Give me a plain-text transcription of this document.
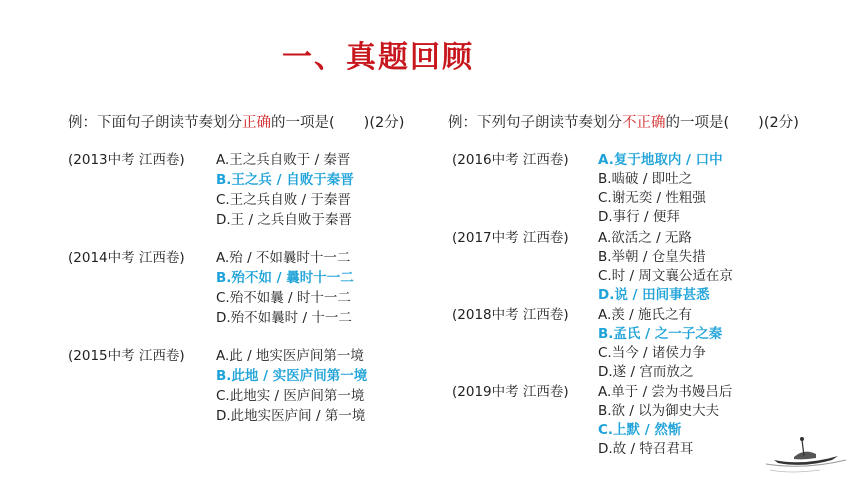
一、真题回顾
例：下面句子朗读节奏划分正确的一项是(　　)(2分)	例：下列句子朗读节奏划分不正确的一项是(　　)(2分)
(2013中考 江西卷) A.王之兵自败于 / 秦晋
B.王之兵 / 自败于秦晋
C.王之兵自败 / 于秦晋
D.王 / 之兵自败于秦晋
(2014中考 江西卷) A.殆 / 不如曩时十一二
B.殆不如 / 曩时十一二
C.殆不如曩 / 时十一二
D.殆不如曩时 / 十一二
(2015中考 江西卷) A.此 / 地实医庐间第一境
B.此地 / 实医庐间第一境
C.此地实 / 医庐间第一境
D.此地实医庐间 / 第一境
(2016中考 江西卷) A.复于地取内 / 口中
B.啮破 / 即吐之
C.谢无奕 / 性粗强
D.事行 / 便拜
(2017中考 江西卷) A.欲活之 / 无路
B.举朝 / 仓皇失措
C.时 / 周文襄公适在京
D.说 / 田间事甚悉
(2018中考 江西卷) A.羡 / 施氏之有
B.孟氏 / 之一子之秦
C.当今 / 诸侯力争
D.遂 / 宫而放之
(2019中考 江西卷) A.单于 / 尝为书嫚吕后
B.欲 / 以为御史大夫
C.上默 / 然惭
D.故 / 特召君耳
